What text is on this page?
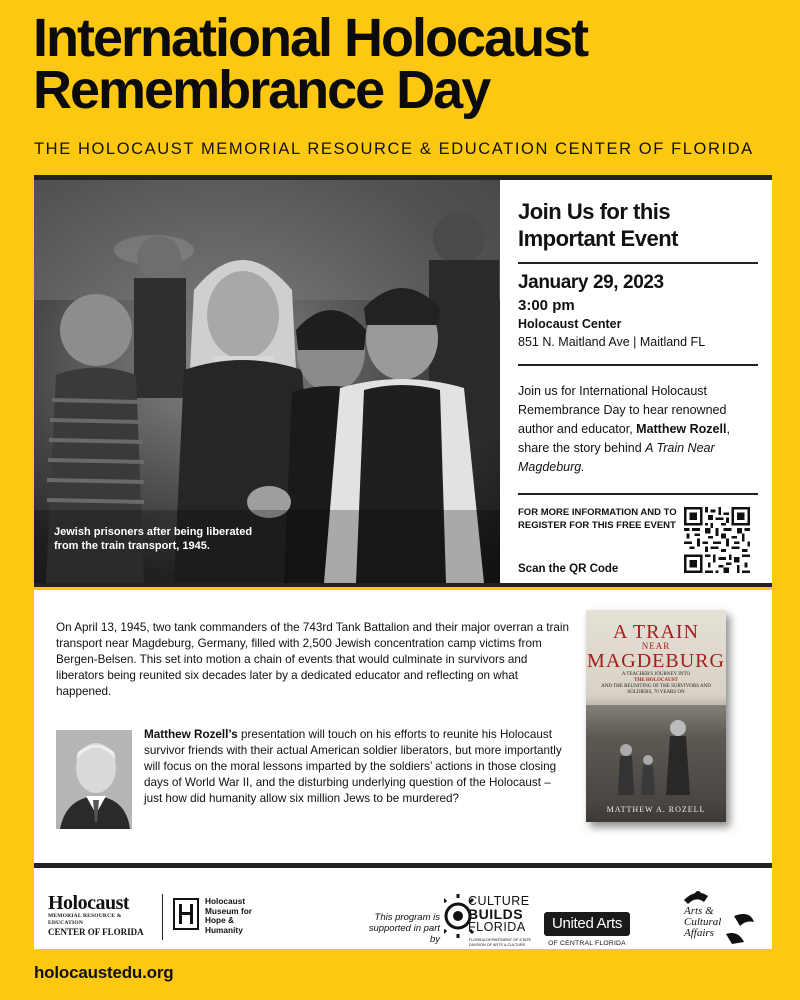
International Holocaust
Remembrance Day
THE HOLOCAUST MEMORIAL RESOURCE & EDUCATION CENTER OF FLORIDA
Jewish prisoners after being liberated from the train transport, 1945.
Join Us for this
Important Event
January 29, 2023
3:00 pm
Holocaust Center
851 N. Maitland Ave | Maitland FL
Join us for International Holocaust Remembrance Day to hear renowned author and educator, Matthew Rozell, share the story behind A Train Near Magdeburg.
FOR MORE INFORMATION AND TO REGISTER FOR THIS FREE EVENT
Scan the QR Code

On April 13, 1945, two tank commanders of the 743rd Tank Battalion and their major overran a train transport near Magdeburg, Germany, filled with 2,500 Jewish concentration camp victims from Bergen-Belsen. This set into motion a chain of events that would culminate in survivors and liberators being reunited six decades later by a dedicated educator and reflecting on what happened.

Matthew Rozell’s presentation will touch on his efforts to reunite his Holocaust survivor friends with their actual American soldier liberators, but more importantly will focus on the moral lessons imparted by the soldiers’ actions in those closing days of World War II, and the disturbing underlying question of the Holocaust – just how did humanity allow six million Jews to be murdered?

A TRAIN
NEAR
MAGDEBURG
A TEACHER'S JOURNEY INTO
THE HOLOCAUST
AND THE REUNITING OF THE SURVIVORS AND SOLDIERS, 70 YEARS ON
MATTHEW A. ROZELL
Holocaust
MEMORIAL RESOURCE & EDUCATION
CENTER OF FLORIDA
Holocaust
Museum for
Hope &
Humanity
This program is supported in part by
CULTURE
BUILDS
FLORIDA
FLORIDA DEPARTMENT OF STATE DIVISION OF ARTS & CULTURE
United Arts
OF CENTRAL FLORIDA
Arts &
Cultural
Affairs
holocaustedu.org
